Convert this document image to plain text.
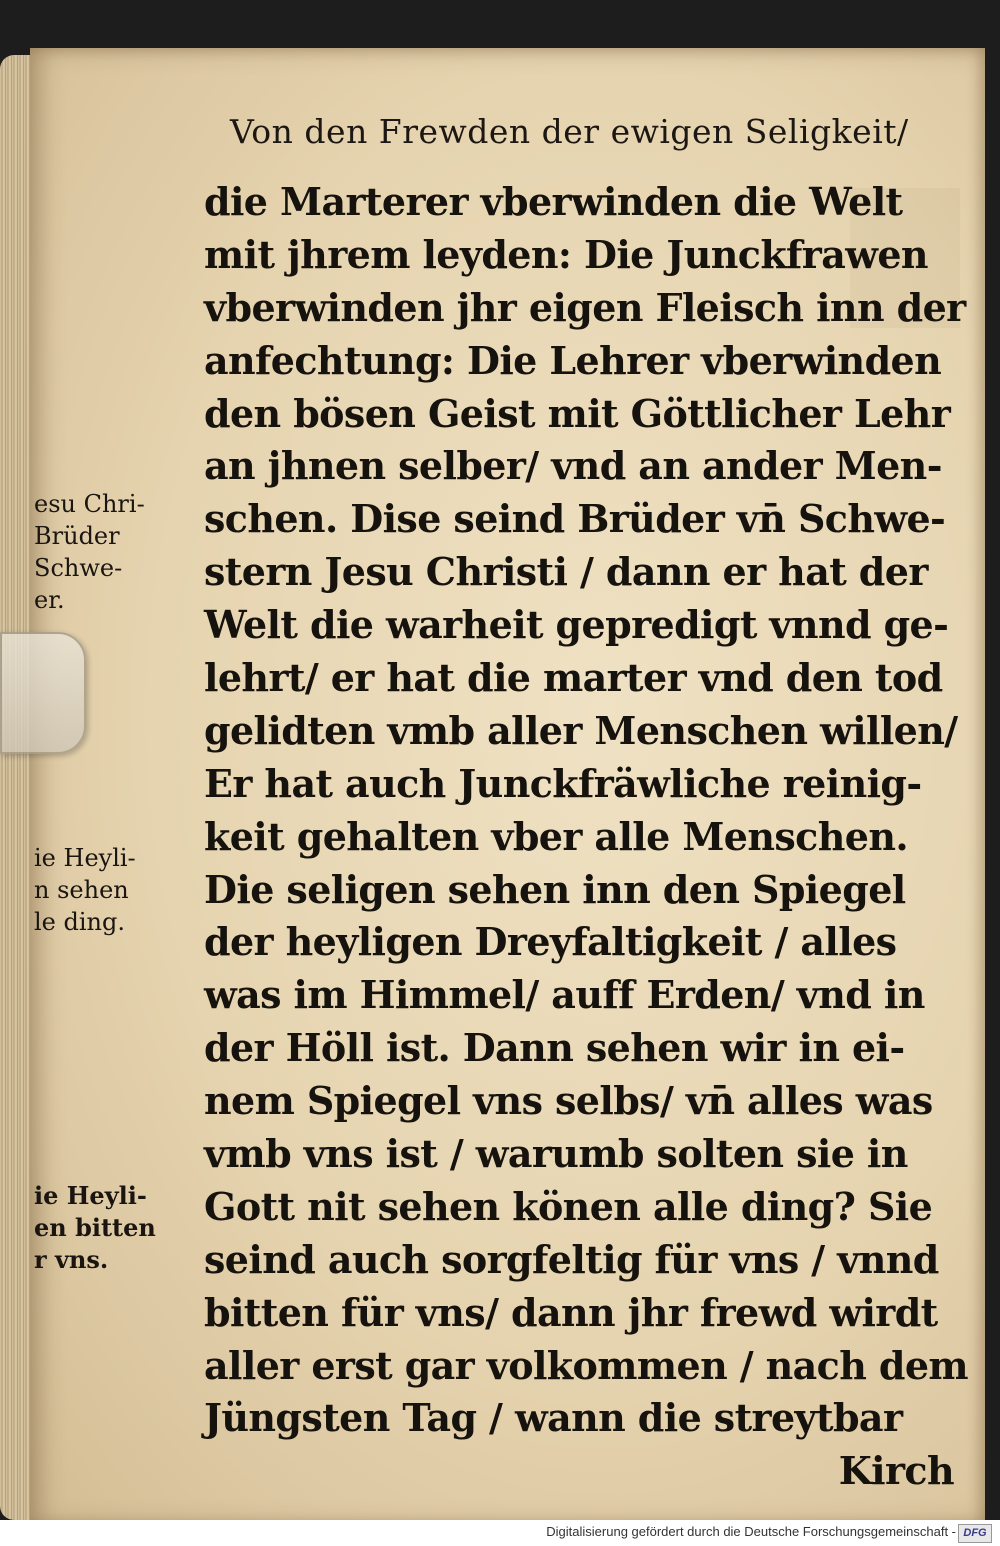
Von den Frewden der ewigen Seligkeit/
die Marterer vberwinden die Welt
mit jhrem leyden: Die Junckfrawen
vberwinden jhr eigen Fleisch inn der
anfechtung: Die Lehrer vberwinden
den bösen Geist mit Göttlicher Lehr
an jhnen selber/ vnd an ander Men-
schen. Dise seind Brüder vn̄ Schwe-
stern Jesu Christi / dann er hat der
Welt die warheit gepredigt vnnd ge-
lehrt/ er hat die marter vnd den tod
gelidten vmb aller Menschen willen/
Er hat auch Junckfräwliche reinig-
keit gehalten vber alle Menschen.
Die seligen sehen inn den Spiegel
der heyligen Dreyfaltigkeit / alles
was im Himmel/ auff Erden/ vnd in
der Höll ist. Dann sehen wir in ei-
nem Spiegel vns selbs/ vn̄ alles was
vmb vns ist / warumb solten sie in
Gott nit sehen könen alle ding? Sie
seind auch sorgfeltig für vns / vnnd
bitten für vns/ dann jhr frewd wirdt
aller erst gar volkommen / nach dem
Jüngsten Tag / wann die streytbar
Kirch
esu Chri-
Brüder
Schwe-
er.
ie Heyli-
n sehen
le ding.
ie Heyli-
en bitten
r vns.
Digitalisierung gefördert durch die Deutsche Forschungsgemeinschaft - DFG
